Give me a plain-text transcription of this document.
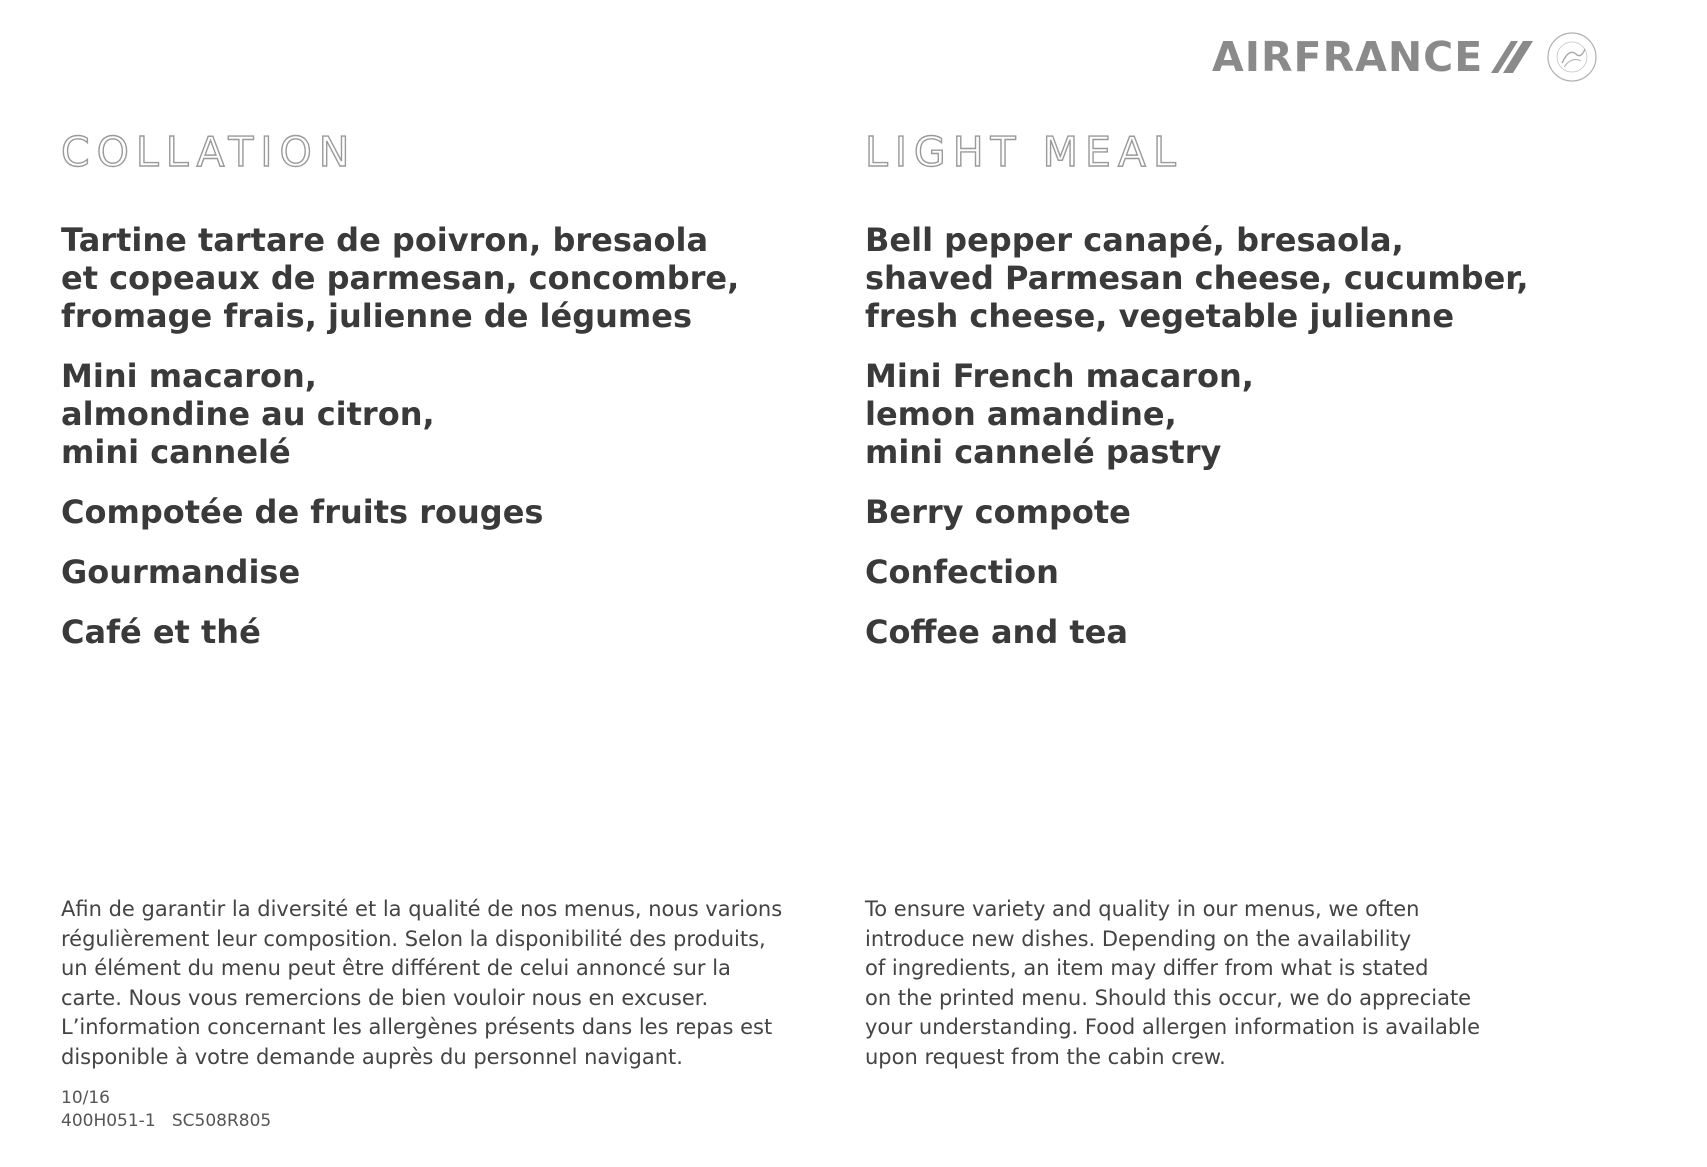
AIRFRANCE
COLLATION
Tartine tartare de poivron, bresaola
et copeaux de parmesan, concombre,
fromage frais, julienne de légumes
Mini macaron,
almondine au citron,
mini cannelé
Compotée de fruits rouges
Gourmandise
Café et thé

Afin de garantir la diversité et la qualité de nos menus, nous varions
régulièrement leur composition. Selon la disponibilité des produits,
un élément du menu peut être différent de celui annoncé sur la
carte. Nous vous remercions de bien vouloir nous en excuser.
L’information concernant les allergènes présents dans les repas est
disponible à votre demande auprès du personnel navigant.

10/16

400H051-1   SC508R805

LIGHT MEAL
Bell pepper canapé, bresaola,
shaved Parmesan cheese, cucumber,
fresh cheese, vegetable julienne
Mini French macaron,
lemon amandine,
mini cannelé pastry
Berry compote
Confection
Coffee and tea

To ensure variety and quality in our menus, we often
introduce new dishes. Depending on the availability
of ingredients, an item may differ from what is stated
on the printed menu. Should this occur, we do appreciate
your understanding. Food allergen information is available
upon request from the cabin crew.
